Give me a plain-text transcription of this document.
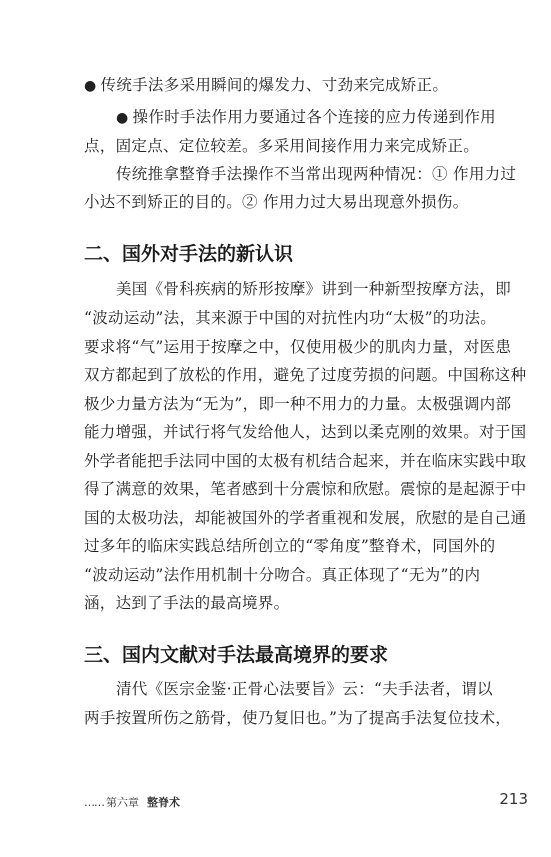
● 传统手法多采用瞬间的爆发力、寸劲来完成矫正。
● 操作时手法作用力要通过各个连接的应力传递到作用
点，固定点、定位较差。多采用间接作用力来完成矫正。
传统推拿整脊手法操作不当常出现两种情况：① 作用力过
小达不到矫正的目的。② 作用力过大易出现意外损伤。
二、国外对手法的新认识
美国《骨科疾病的矫形按摩》讲到一种新型按摩方法，即
“波动运动”法，其来源于中国的对抗性内功“太极”的功法。
要求将“气”运用于按摩之中，仅使用极少的肌肉力量，对医患
双方都起到了放松的作用，避免了过度劳损的问题。中国称这种
极少力量方法为“无为”，即一种不用力的力量。太极强调内部
能力增强，并试行将气发给他人，达到以柔克刚的效果。对于国
外学者能把手法同中国的太极有机结合起来，并在临床实践中取
得了满意的效果，笔者感到十分震惊和欣慰。震惊的是起源于中
国的太极功法，却能被国外的学者重视和发展，欣慰的是自己通
过多年的临床实践总结所创立的“零角度”整脊术，同国外的
“波动运动”法作用机制十分吻合。真正体现了“无为”的内
涵，达到了手法的最高境界。
三、国内文献对手法最高境界的要求
清代《医宗金鉴·正骨心法要旨》云：“夫手法者，谓以
两手按置所伤之筋骨，使乃复旧也。”为了提高手法复位技术，
…… 第六章 整脊术	213
